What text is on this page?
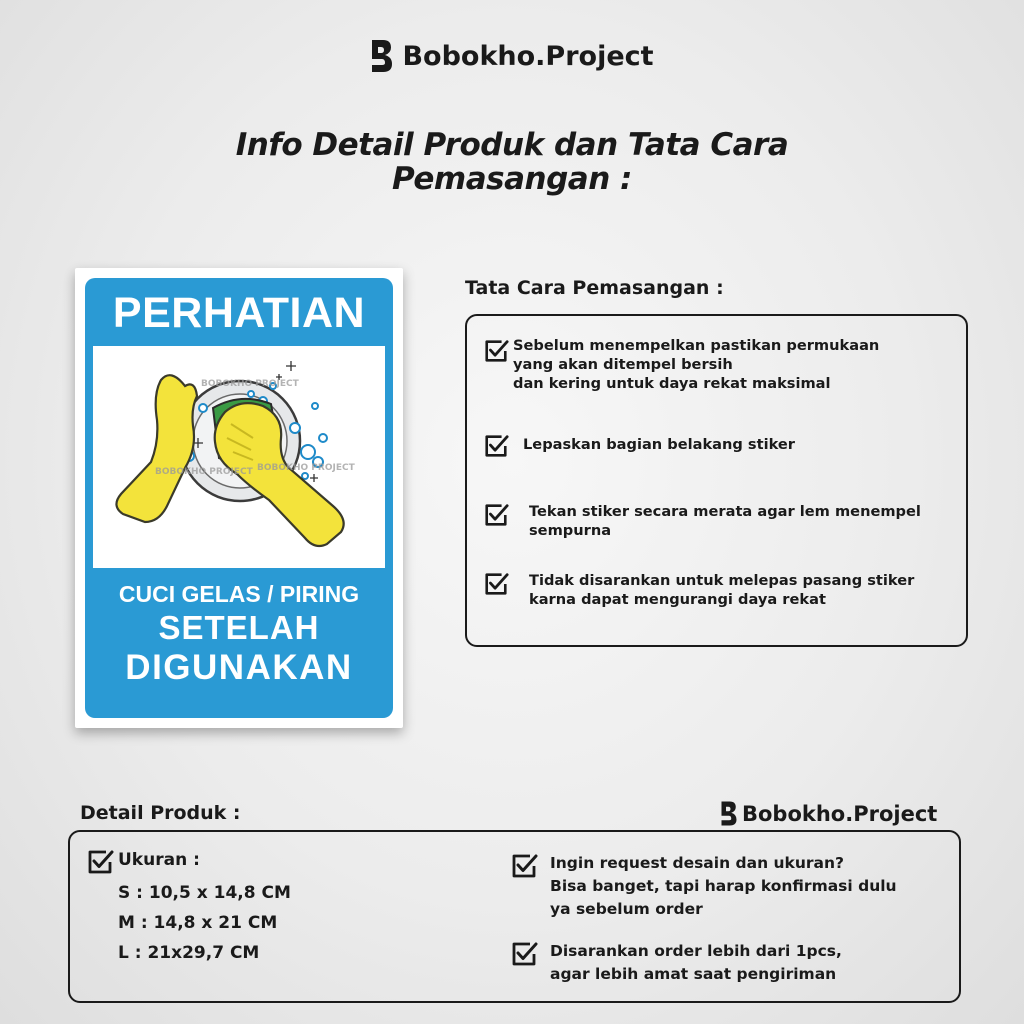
Bobokho.Project
Info Detail Produk dan Tata Cara
Pemasangan :
PERHATIAN
BOBOKHO PROJECT
BOBOKHO PROJECT BOBOKHO PROJECT
CUCI GELAS / PIRING
SETELAH
DIGUNAKAN
Tata Cara Pemasangan :
Sebelum menempelkan pastikan permukaan
yang akan ditempel bersih
dan kering untuk daya rekat maksimal
Lepaskan bagian belakang stiker
Tekan stiker secara merata agar lem menempel
sempurna
Tidak disarankan untuk melepas pasang stiker
karna dapat mengurangi daya rekat
Detail Produk :	Bobokho.Project
Ukuran :
S : 10,5 x 14,8 CM
M : 14,8 x 21 CM
L : 21x29,7 CM
Ingin request desain dan ukuran?
Bisa banget, tapi harap konfirmasi dulu
ya sebelum order
Disarankan order lebih dari 1pcs,
agar lebih amat saat pengiriman
